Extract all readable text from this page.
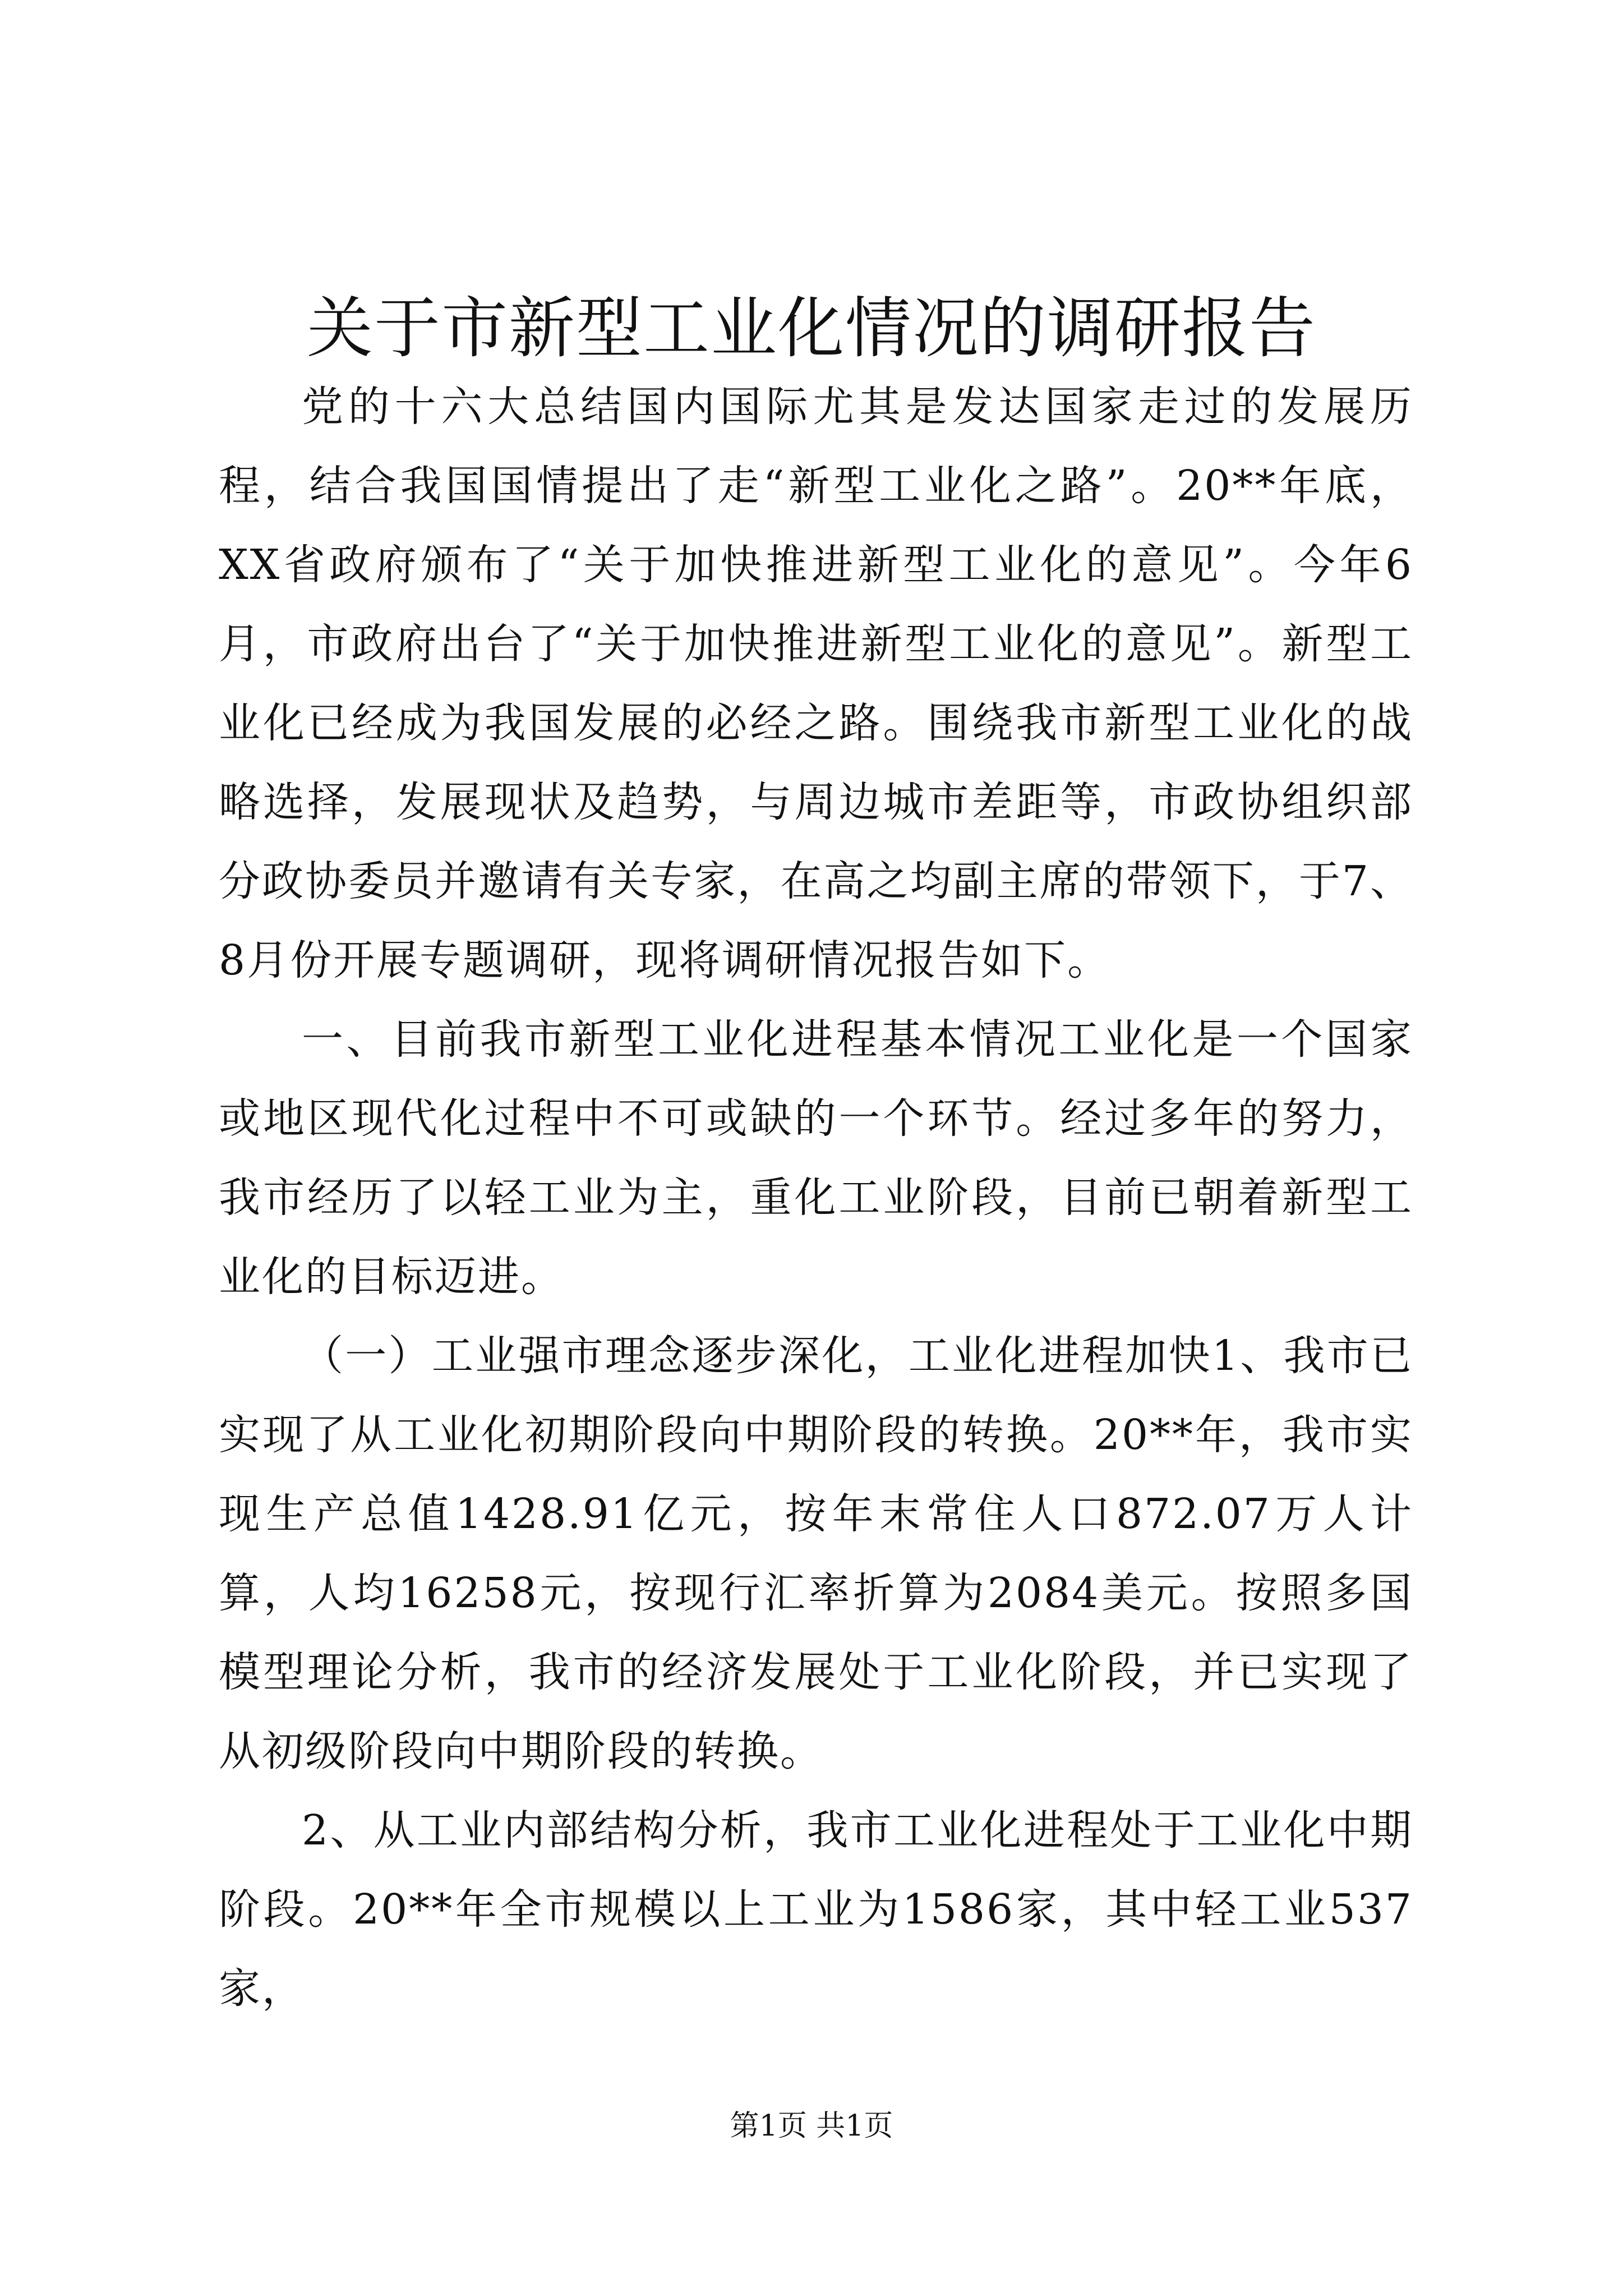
关于市新型工业化情况的调研报告

党的十六大总结国内国际尤其是发达国家走过的发展历程，结合我国国情提出了走“新型工业化之路”。20**年底，XX省政府颁布了“关于加快推进新型工业化的意见”。今年6月，市政府出台了“关于加快推进新型工业化的意见”。新型工业化已经成为我国发展的必经之路。围绕我市新型工业化的战略选择，发展现状及趋势，与周边城市差距等，市政协组织部分政协委员并邀请有关专家，在高之均副主席的带领下，于7、8月份开展专题调研，现将调研情况报告如下。

一、目前我市新型工业化进程基本情况工业化是一个国家或地区现代化过程中不可或缺的一个环节。经过多年的努力，我市经历了以轻工业为主，重化工业阶段，目前已朝着新型工业化的目标迈进。

（一）工业强市理念逐步深化，工业化进程加快1、我市已实现了从工业化初期阶段向中期阶段的转换。20**年，我市实现生产总值1428.91亿元，按年末常住人口872.07万人计算，人均16258元，按现行汇率折算为2084美元。按照多国模型理论分析，我市的经济发展处于工业化阶段，并已实现了从初级阶段向中期阶段的转换。

2、从工业内部结构分析，我市工业化进程处于工业化中期阶段。20**年全市规模以上工业为1586家，其中轻工业537家，

第1页 共1页
